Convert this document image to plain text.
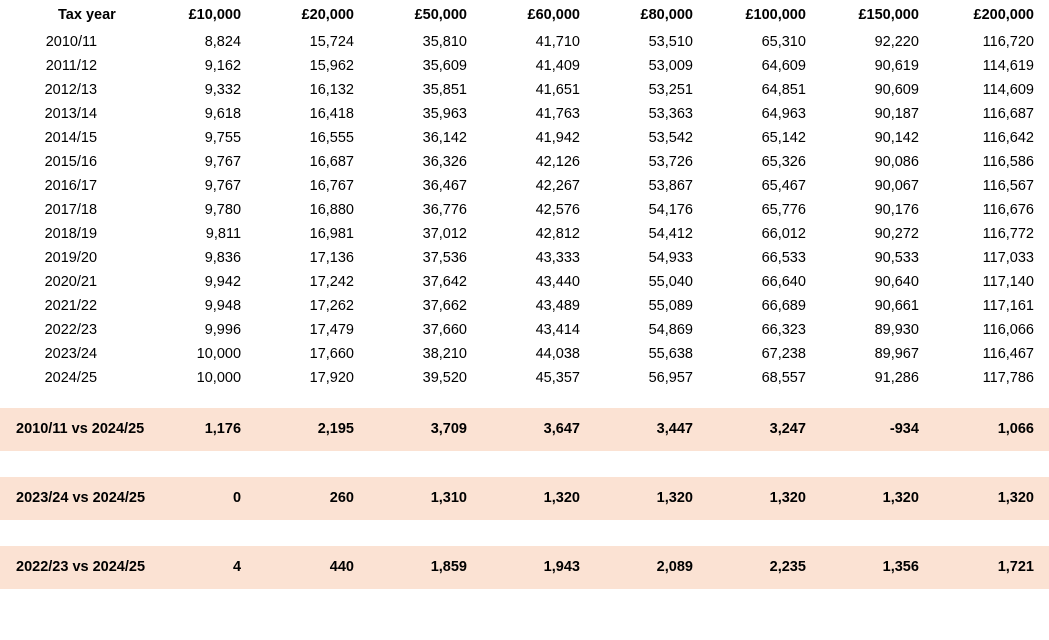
Tax year	£10,000	£20,000	£50,000	£60,000	£80,000	£100,000	£150,000	£200,000
2010/11	8,824	15,724	35,810	41,710	53,510	65,310	92,220	116,720
2011/12	9,162	15,962	35,609	41,409	53,009	64,609	90,619	114,619
2012/13	9,332	16,132	35,851	41,651	53,251	64,851	90,609	114,609
2013/14	9,618	16,418	35,963	41,763	53,363	64,963	90,187	116,687
2014/15	9,755	16,555	36,142	41,942	53,542	65,142	90,142	116,642
2015/16	9,767	16,687	36,326	42,126	53,726	65,326	90,086	116,586
2016/17	9,767	16,767	36,467	42,267	53,867	65,467	90,067	116,567
2017/18	9,780	16,880	36,776	42,576	54,176	65,776	90,176	116,676
2018/19	9,811	16,981	37,012	42,812	54,412	66,012	90,272	116,772
2019/20	9,836	17,136	37,536	43,333	54,933	66,533	90,533	117,033
2020/21	9,942	17,242	37,642	43,440	55,040	66,640	90,640	117,140
2021/22	9,948	17,262	37,662	43,489	55,089	66,689	90,661	117,161
2022/23	9,996	17,479	37,660	43,414	54,869	66,323	89,930	116,066
2023/24	10,000	17,660	38,210	44,038	55,638	67,238	89,967	116,467
2024/25	10,000	17,920	39,520	45,357	56,957	68,557	91,286	117,786

2010/11 vs 2024/25	1,176	2,195	3,709	3,647	3,447	3,247	-934	1,066

2023/24 vs 2024/25	0	260	1,310	1,320	1,320	1,320	1,320	1,320

2022/23 vs 2024/25	4	440	1,859	1,943	2,089	2,235	1,356	1,721
